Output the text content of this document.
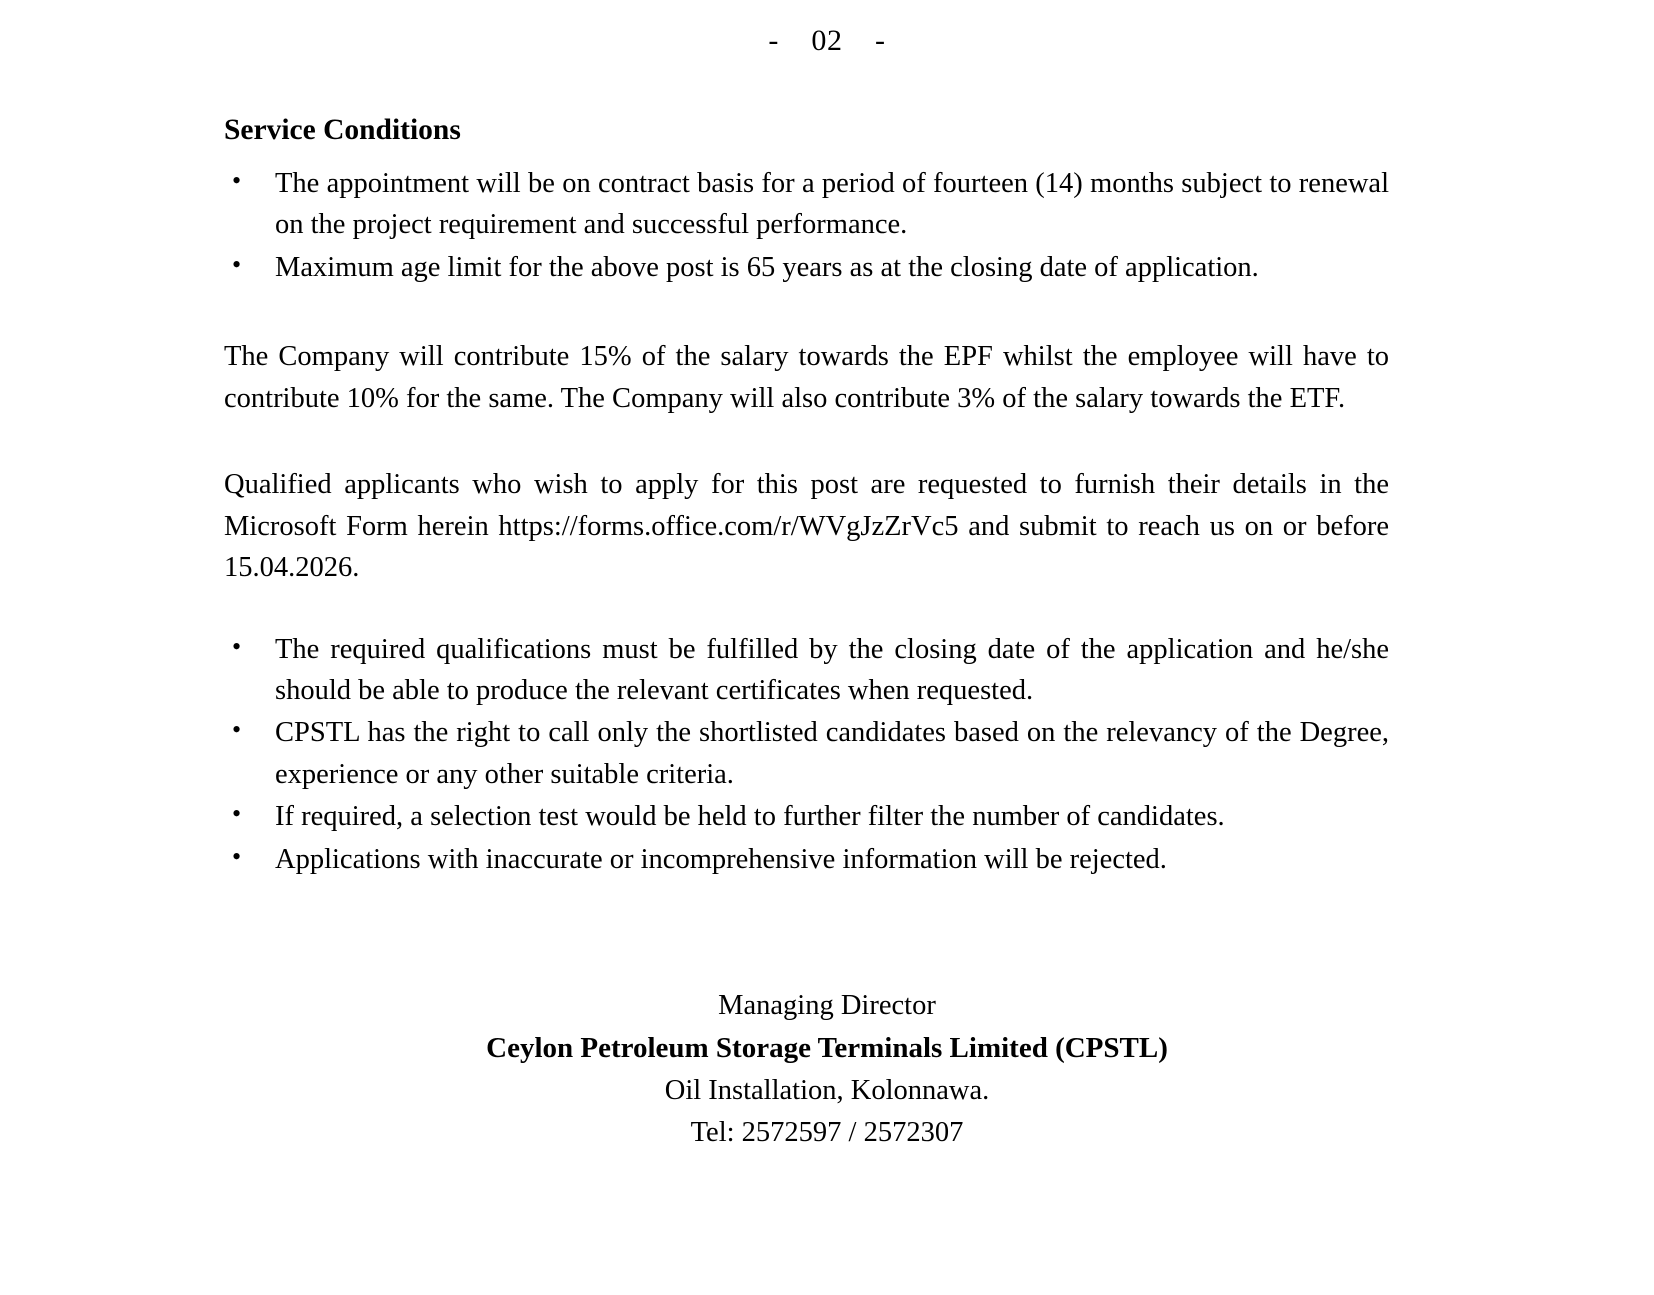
-    02    -
Service Conditions
• The appointment will be on contract basis for a period of fourteen (14) months subject to renewal on the project requirement and successful performance.
• Maximum age limit for the above post is 65 years as at the closing date of application.

The Company will contribute 15% of the salary towards the EPF whilst the employee will have to contribute 10% for the same. The Company will also contribute 3% of the salary towards the ETF.

Qualified applicants who wish to apply for this post are requested to furnish their details in the Microsoft Form herein https://forms.office.com/r/WVgJzZrVc5 and submit to reach us on or before 15.04.2026.

• The required qualifications must be fulfilled by the closing date of the application and he/she should be able to produce the relevant certificates when requested.
• CPSTL has the right to call only the shortlisted candidates based on the relevancy of the Degree, experience or any other suitable criteria.
• If required, a selection test would be held to further filter the number of candidates.
• Applications with inaccurate or incomprehensive information will be rejected.
Managing Director
Ceylon Petroleum Storage Terminals Limited (CPSTL)
Oil Installation, Kolonnawa.
Tel: 2572597 / 2572307
